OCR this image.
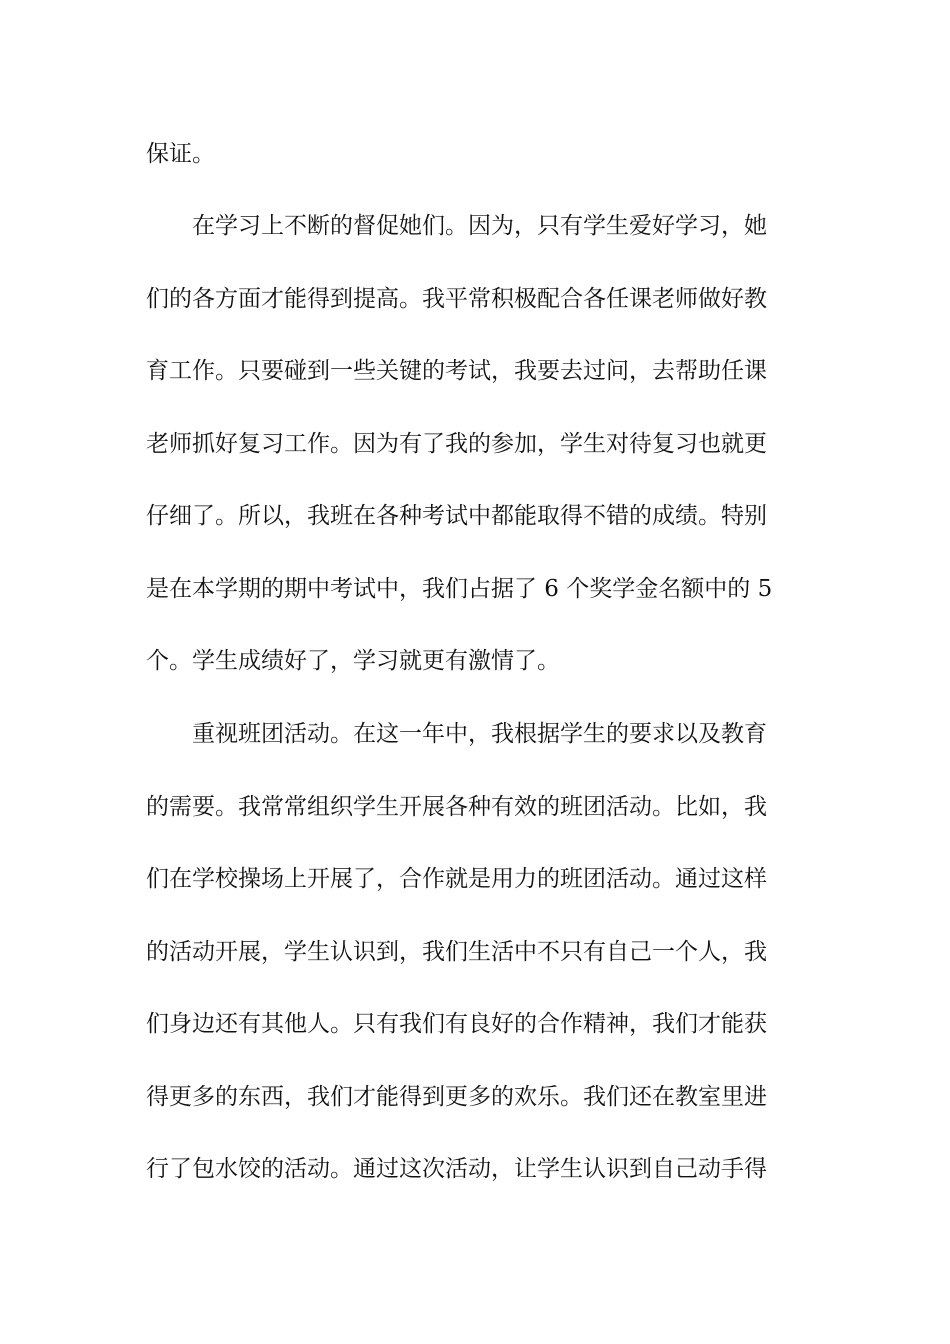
保证。
在学习上不断的督促她们。因为，只有学生爱好学习，她
们的各方面才能得到提高。我平常积极配合各任课老师做好教
育工作。只要碰到一些关键的考试，我要去过问，去帮助任课
老师抓好复习工作。因为有了我的参加，学生对待复习也就更
仔细了。所以，我班在各种考试中都能取得不错的成绩。特别
是在本学期的期中考试中，我们占据了 6 个奖学金名额中的 5
个。学生成绩好了，学习就更有激情了。
重视班团活动。在这一年中，我根据学生的要求以及教育
的需要。我常常组织学生开展各种有效的班团活动。比如，我
们在学校操场上开展了，合作就是用力的班团活动。通过这样
的活动开展，学生认识到，我们生活中不只有自己一个人，我
们身边还有其他人。只有我们有良好的合作精神，我们才能获
得更多的东西，我们才能得到更多的欢乐。我们还在教室里进
行了包水饺的活动。通过这次活动，让学生认识到自己动手得
